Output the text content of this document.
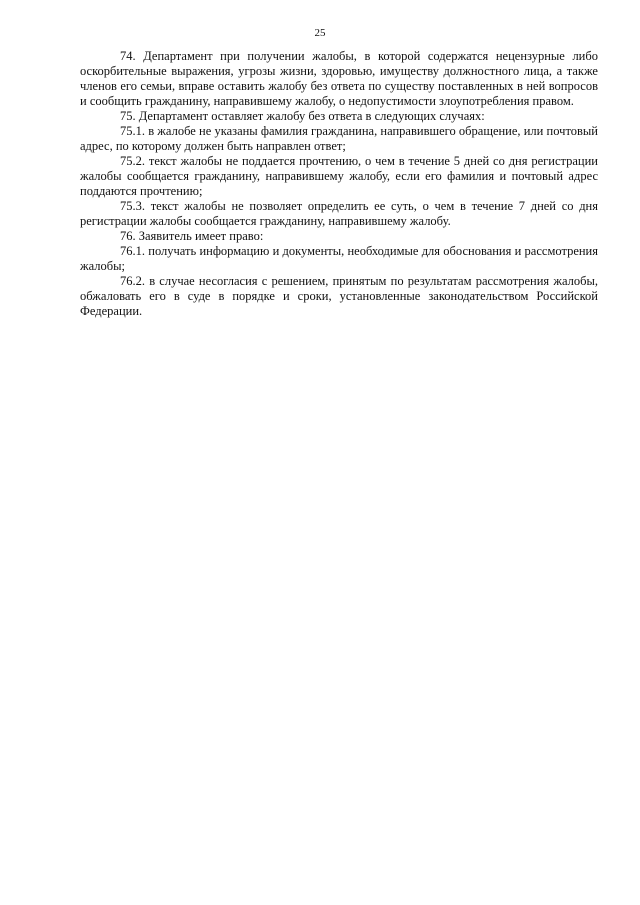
25

74. Департамент при получении жалобы, в которой содержатся нецензурные либо оскорбительные выражения, угрозы жизни, здоровью, имуществу должностного лица, а также членов его семьи, вправе оставить жалобу без ответа по существу поставленных в ней вопросов и сообщить гражданину, направившему жалобу, о недопустимости злоупотребления правом.

75. Департамент оставляет жалобу без ответа в следующих случаях:

75.1. в жалобе не указаны фамилия гражданина, направившего обращение, или почтовый адрес, по которому должен быть направлен ответ;

75.2. текст жалобы не поддается прочтению, о чем в течение 5 дней со дня регистрации жалобы сообщается гражданину, направившему жалобу, если его фамилия и почтовый адрес поддаются прочтению;

75.3. текст жалобы не позволяет определить ее суть, о чем в течение 7 дней со дня регистрации жалобы сообщается гражданину, направившему жалобу.

76. Заявитель имеет право:

76.1. получать информацию и документы, необходимые для обоснования и рассмотрения жалобы;

76.2. в случае несогласия с решением, принятым по результатам рассмотрения жалобы, обжаловать его в суде в порядке и сроки, установленные законодательством Российской Федерации.
